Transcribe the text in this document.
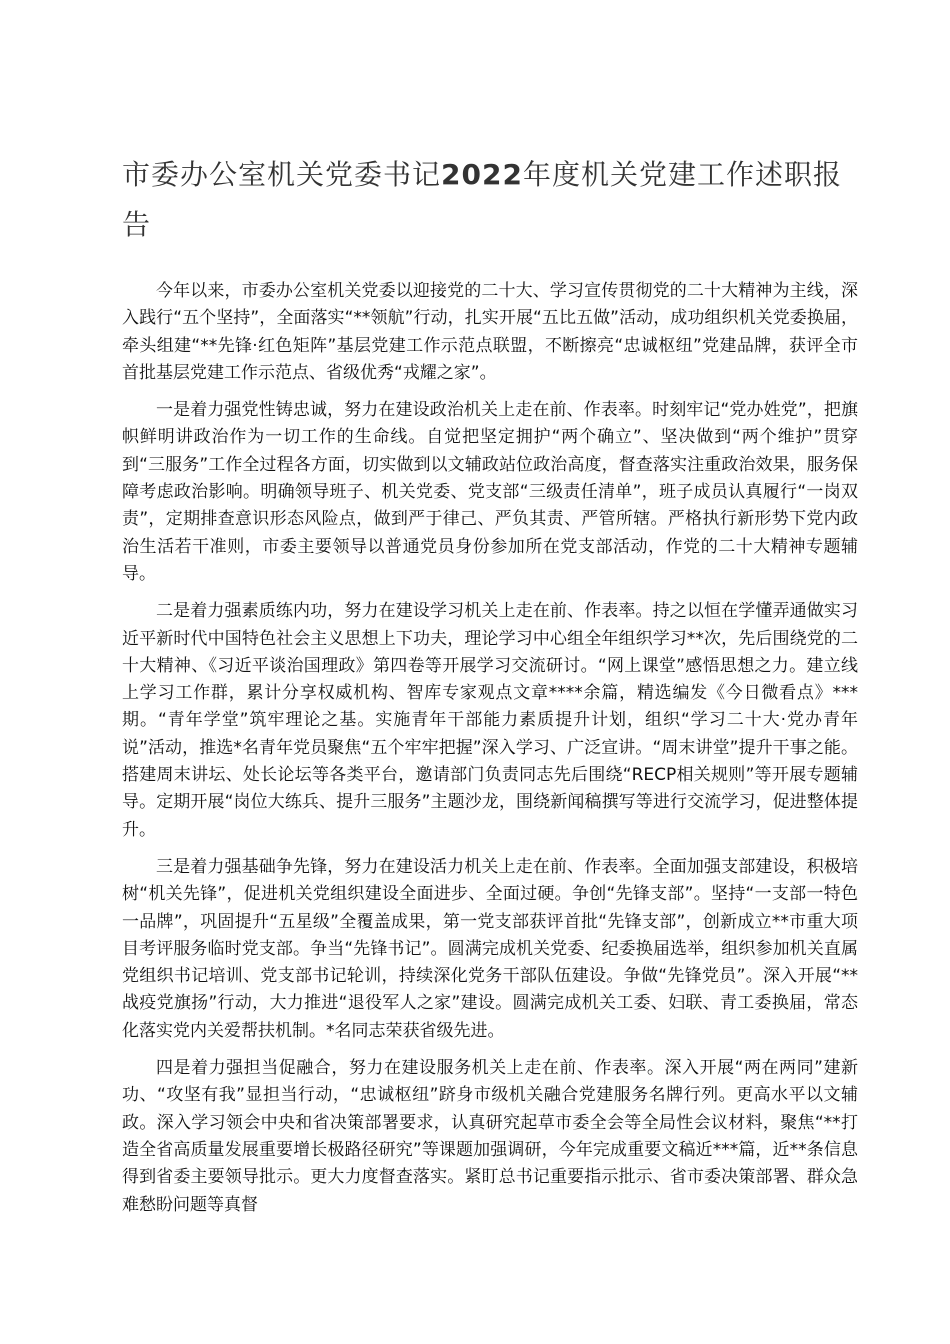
市委办公室机关党委书记2022年度机关党建工作述职报告

今年以来，市委办公室机关党委以迎接党的二十大、学习宣传贯彻党的二十大精神为主线，深入践行“五个坚持”，全面落实“**领航”行动，扎实开展“五比五做”活动，成功组织机关党委换届，牵头组建“**先锋·红色矩阵”基层党建工作示范点联盟，不断擦亮“忠诚枢纽”党建品牌，获评全市首批基层党建工作示范点、省级优秀“戎耀之家”。

一是着力强党性铸忠诚，努力在建设政治机关上走在前、作表率。时刻牢记“党办姓党”，把旗帜鲜明讲政治作为一切工作的生命线。自觉把坚定拥护“两个确立”、坚决做到“两个维护”贯穿到“三服务”工作全过程各方面，切实做到以文辅政站位政治高度，督查落实注重政治效果，服务保障考虑政治影响。明确领导班子、机关党委、党支部“三级责任清单”，班子成员认真履行“一岗双责”，定期排查意识形态风险点，做到严于律己、严负其责、严管所辖。严格执行新形势下党内政治生活若干准则，市委主要领导以普通党员身份参加所在党支部活动，作党的二十大精神专题辅导。

二是着力强素质练内功，努力在建设学习机关上走在前、作表率。持之以恒在学懂弄通做实习近平新时代中国特色社会主义思想上下功夫，理论学习中心组全年组织学习**次，先后围绕党的二十大精神、《习近平谈治国理政》第四卷等开展学习交流研讨。“网上课堂”感悟思想之力。建立线上学习工作群，累计分享权威机构、智库专家观点文章****余篇，精选编发《今日微看点》***期。“青年学堂”筑牢理论之基。实施青年干部能力素质提升计划，组织“学习二十大·党办青年说”活动，推选*名青年党员聚焦“五个牢牢把握”深入学习、广泛宣讲。“周末讲堂”提升干事之能。搭建周末讲坛、处长论坛等各类平台，邀请部门负责同志先后围绕“RECP相关规则”等开展专题辅导。定期开展“岗位大练兵、提升三服务”主题沙龙，围绕新闻稿撰写等进行交流学习，促进整体提升。

三是着力强基础争先锋，努力在建设活力机关上走在前、作表率。全面加强支部建设，积极培树“机关先锋”，促进机关党组织建设全面进步、全面过硬。争创“先锋支部”。坚持“一支部一特色一品牌”，巩固提升“五星级”全覆盖成果，第一党支部获评首批“先锋支部”，创新成立**市重大项目考评服务临时党支部。争当“先锋书记”。圆满完成机关党委、纪委换届选举，组织参加机关直属党组织书记培训、党支部书记轮训，持续深化党务干部队伍建设。争做“先锋党员”。深入开展“**战疫党旗扬”行动，大力推进“退役军人之家”建设。圆满完成机关工委、妇联、青工委换届，常态化落实党内关爱帮扶机制。*名同志荣获省级先进。

四是着力强担当促融合，努力在建设服务机关上走在前、作表率。深入开展“两在两同”建新功、“攻坚有我”显担当行动，“忠诚枢纽”跻身市级机关融合党建服务名牌行列。更高水平以文辅政。深入学习领会中央和省决策部署要求，认真研究起草市委全会等全局性会议材料，聚焦“**打造全省高质量发展重要增长极路径研究”等课题加强调研，今年完成重要文稿近***篇，近**条信息得到省委主要领导批示。更大力度督查落实。紧盯总书记重要指示批示、省市委决策部署、群众急难愁盼问题等真督
